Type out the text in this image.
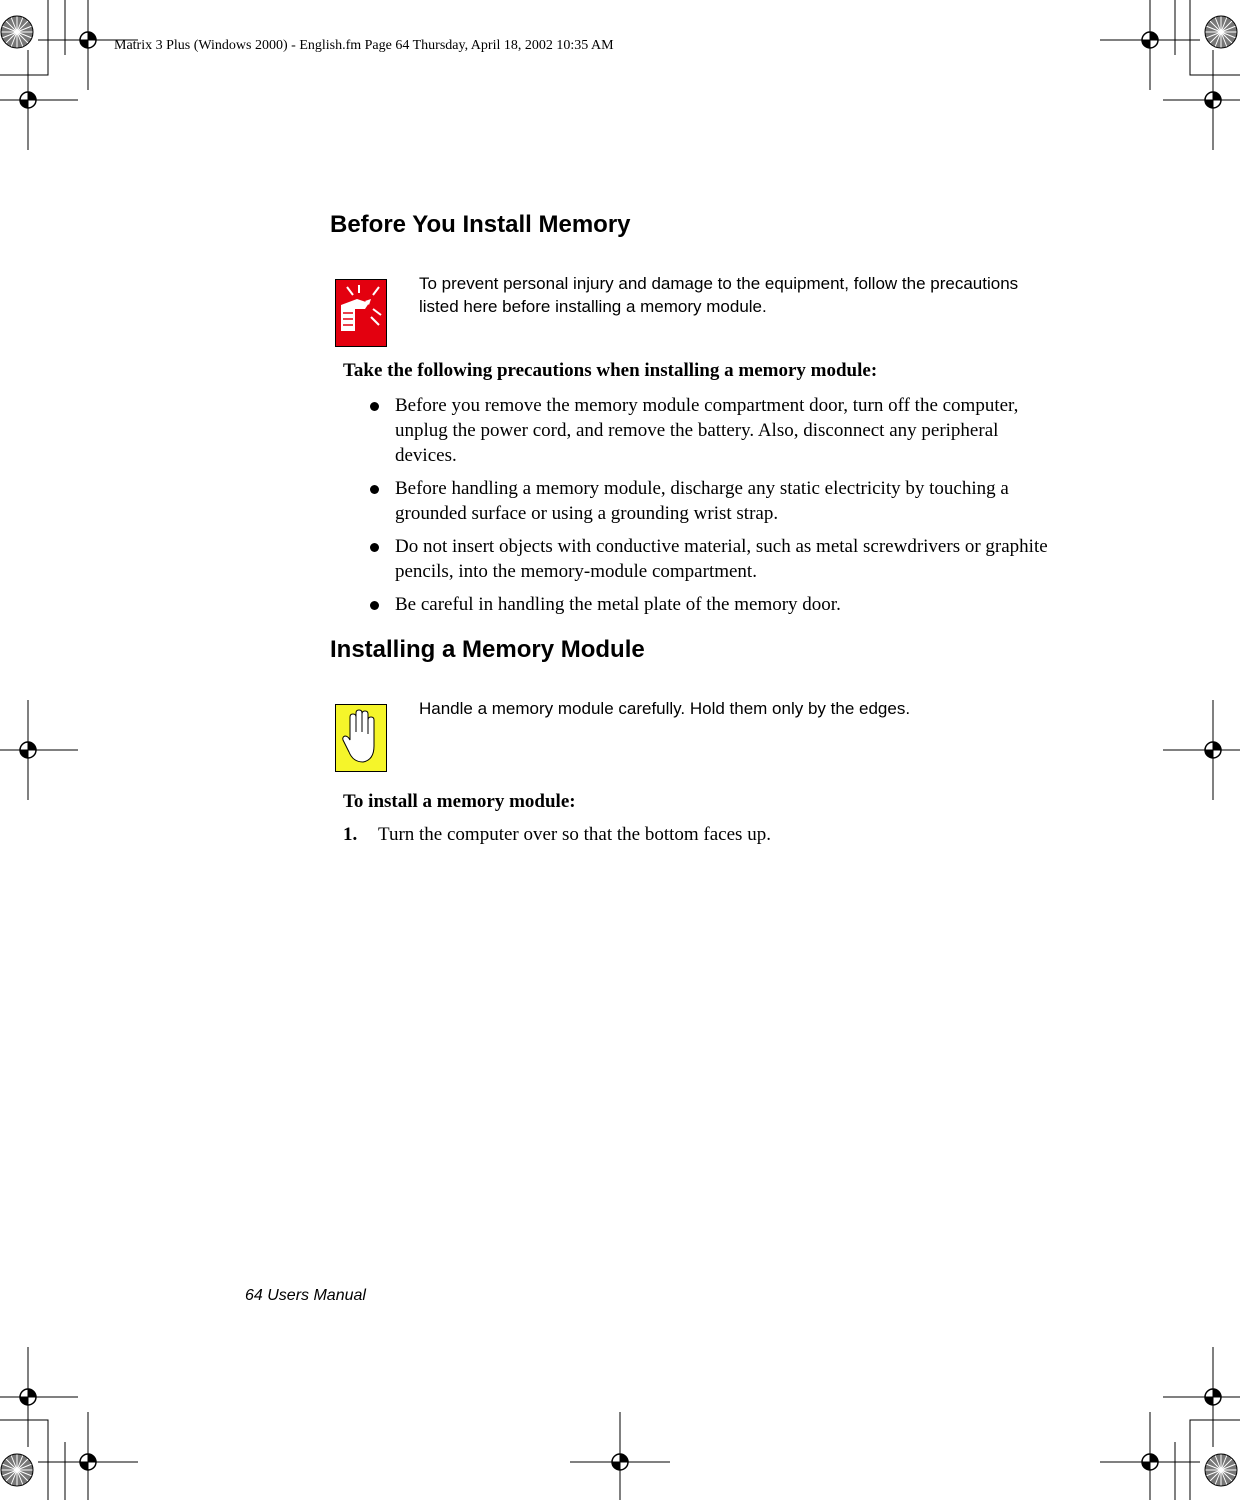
Matrix 3 Plus (Windows 2000) - English.fm Page 64 Thursday, April 18, 2002 10:35 AM
Before You Install Memory
To prevent personal injury and damage to the equipment, follow the precautions listed here before installing a memory module.
Take the following precautions when installing a memory module:
Before you remove the memory module compartment door, turn off the computer, unplug the power cord, and remove the battery. Also, disconnect any peripheral devices.
Before handling a memory module, discharge any static electricity by touching a grounded surface or using a grounding wrist strap.
Do not insert objects with conductive material, such as metal screwdrivers or graphite pencils, into the memory-module compartment.
Be careful in handling the metal plate of the memory door.
Installing a Memory Module
Handle a memory module carefully. Hold them only by the edges.
To install a memory module:
1. Turn the computer over so that the bottom faces up.
64 Users Manual
